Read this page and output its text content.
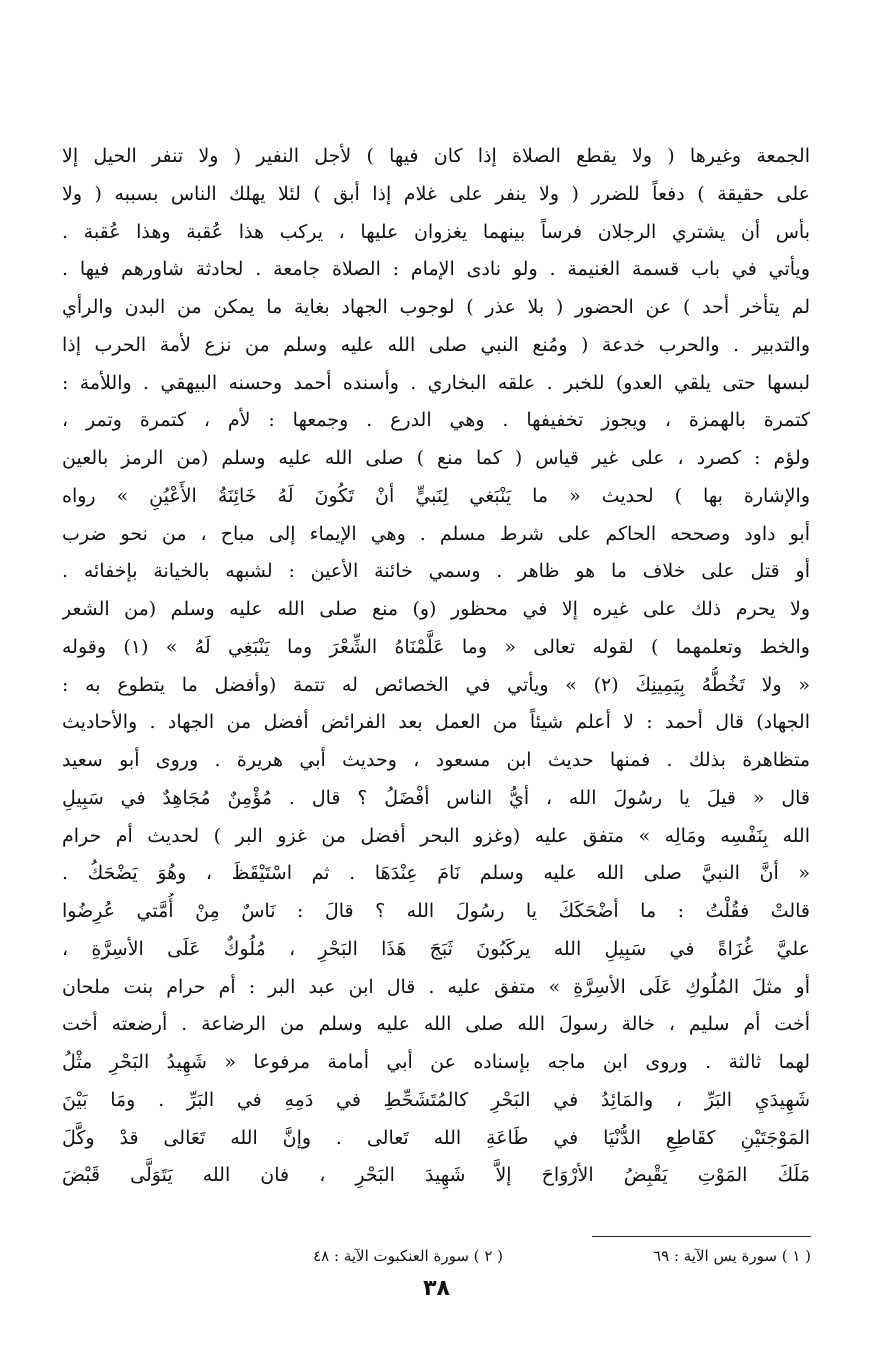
الجمعة وغيرها ( ولا يقطع الصلاة إذا كان فيها ) لأجل النفير ( ولا تنفر الحيل إلا
على حقيقة ) دفعاً للضرر ( ولا ينفر على غلام إذا أبق ) لئلا يهلك الناس بسببه ( ولا
بأس أن يشتري الرجلان فرساً بينهما يغزوان عليها ، يركب هذا عُقبة وهذا عُقبة .
ويأتي في باب قسمة الغنيمة . ولو نادى الإمام : الصلاة جامعة . لحادثة شاورهم فيها .
لم يتأخر أحد ) عن الحضور ( بلا عذر ) لوجوب الجهاد بغاية ما يمكن من البدن والرأي
والتدبير . والحرب خدعة ( ومُنع النبي صلى الله عليه وسلم من نزع لأمة الحرب إذا
لبسها حتى يلقي العدو) للخبر . علقه البخاري . وأسنده أحمد وحسنه البيهقي . واللأمة :
كتمرة بالهمزة ، ويجوز تخفيفها . وهي الدرع . وجمعها : لأم ، كتمرة وتمر ،
ولؤم : كصرد ، على غير قياس ( كما منع ) صلى الله عليه وسلم (من الرمز بالعين
والإشارة بها ) لحديث « ما يَنْبَغي لِنَبيٍّ أنْ تَكُونَ لَهُ خَائِنَةُ الأَعْيُنِ » رواه
أبو داود وصححه الحاكم على شرط مسلم . وهي الإيماء إلى مباح ، من نحو ضرب
أو قتل على خلاف ما هو ظاهر . وسمي خائنة الأعين : لشبهه بالخيانة بإخفائه .
ولا يحرم ذلك على غيره إلا في محظور (و) منع صلى الله عليه وسلم (من الشعر
والخط وتعلمهما ) لقوله تعالى « وما عَلَّمْنَاهُ الشِّعْرَ وما يَنْبَغِي لَهُ » (١) وقوله
« ولا تَخُطُّهُ بِيَمِينِكَ (٢) » ويأتي في الخصائص له تتمة (وأفضل ما يتطوع به :
الجهاد) قال أحمد : لا أعلم شيئاً من العمل بعد الفرائض أفضل من الجهاد . والأحاديث
متظاهرة بذلك . فمنها حديث ابن مسعود ، وحديث أبي هريرة . وروى أبو سعيد
قال « قيلَ يا رسُولَ الله ، أيُّ الناس أفْضَلُ ؟ قال . مُؤْمِنٌ مُجَاهِدٌ في سَبِيلِ
الله بِنَفْسِه ومَالِه » متفق عليه (وغزو البحر أفضل من غزو البر ) لحديث أم حرام
« أنَّ النبيَّ صلى الله عليه وسلم نَامَ عِنْدَهَا . ثم اسْتَيْقَظَ ، وهُوَ يَضْحَكُ .
قالتْ فقُلْتُ : ما أضْحَكَكَ يا رسُولَ الله ؟ قالَ : نَاسٌ مِنْ أُمَّتي عُرِضُوا
عليَّ غُزَاةً في سَبِيلِ الله يركَبُونَ ثَبَجَ هَذَا البَحْرِ ، مُلُوكٌ عَلَى الأسِرَّةِ ،
أو مثلَ المُلُوكِ عَلَى الأسِرَّةِ » متفق عليه . قال ابن عبد البر : أم حرام بنت ملحان
أخت أم سليم ، خالة رسولَ الله صلى الله عليه وسلم من الرضاعة . أرضعته أخت
لهما ثالثة . وروى ابن ماجه بإسناده عن أبي أمامة مرفوعا « شَهِيدُ البَحْرِ مثْلُ
شَهِيدَيِ البَرِّ ، والمَائِدُ في البَحْرِ كالمُتَشَحِّطِ في دَمِهِ في البَرِّ . ومَا بَيْنَ
المَوْجَتَيْنِ كقَاطِعِ الدُّنْيَا في طَاعَةِ الله تَعالى . وإنَّ الله تَعَالى قدْ وكَّلَ
مَلَكَ المَوْتِ يَقْبِضُ الأرْوَاحَ إلاَّ شَهِيدَ البَحْرِ ، فان الله يَتَوَلَّى قَبْضَ
( ١ ) سورة يس الآية : ٦٩
( ٢ ) سورة العنكبوت الآية : ٤٨
٣٨
